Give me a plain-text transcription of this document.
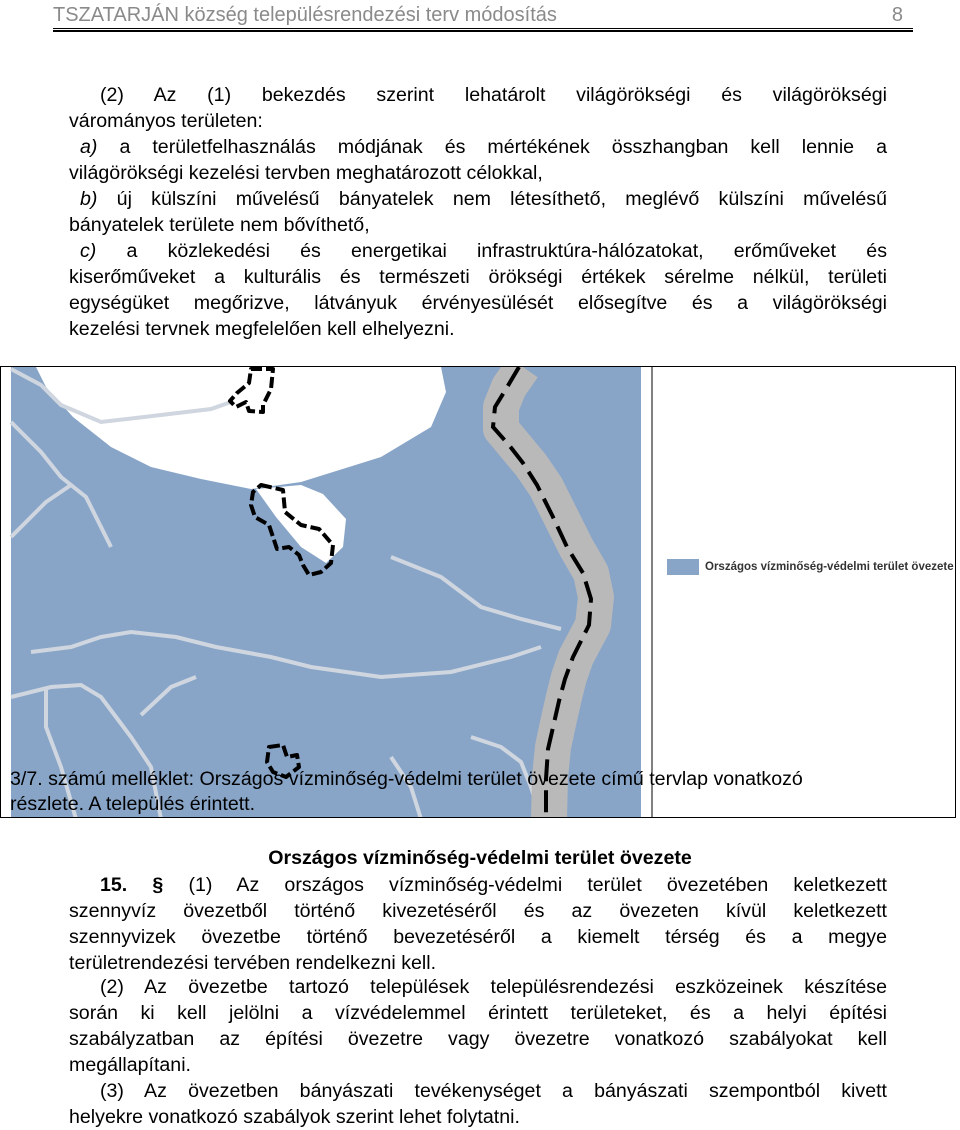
TSZATARJÁN község településrendezési terv módosítás	8
(2) Az (1) bekezdés szerint lehatárolt világörökségi és világörökségi
várományos területen:
a) a területfelhasználás módjának és mértékének összhangban kell lennie a
világörökségi kezelési tervben meghatározott célokkal,
b) új külszíni művelésű bányatelek nem létesíthető, meglévő külszíni művelésű
bányatelek területe nem bővíthető,
c) a közlekedési és energetikai infrastruktúra-hálózatokat, erőműveket és
kiserőműveket a kulturális és természeti örökségi értékek sérelme nélkül, területi
egységüket megőrizve, látványuk érvényesülését elősegítve és a világörökségi
kezelési tervnek megfelelően kell elhelyezni.
Országos vízminőség-védelmi terület övezete
3/7. számú melléklet: Országos vízminőség-védelmi terület övezete című tervlap vonatkozó
részlete. A település érintett.
Országos vízminőség-védelmi terület övezete
15. § (1) Az országos vízminőség-védelmi terület övezetében keletkezett
szennyvíz övezetből történő kivezetéséről és az övezeten kívül keletkezett
szennyvizek övezetbe történő bevezetéséről a kiemelt térség és a megye
területrendezési tervében rendelkezni kell.
(2) Az övezetbe tartozó települések településrendezési eszközeinek készítése
során ki kell jelölni a vízvédelemmel érintett területeket, és a helyi építési
szabályzatban az építési övezetre vagy övezetre vonatkozó szabályokat kell
megállapítani.
(3) Az övezetben bányászati tevékenységet a bányászati szempontból kivett
helyekre vonatkozó szabályok szerint lehet folytatni.
